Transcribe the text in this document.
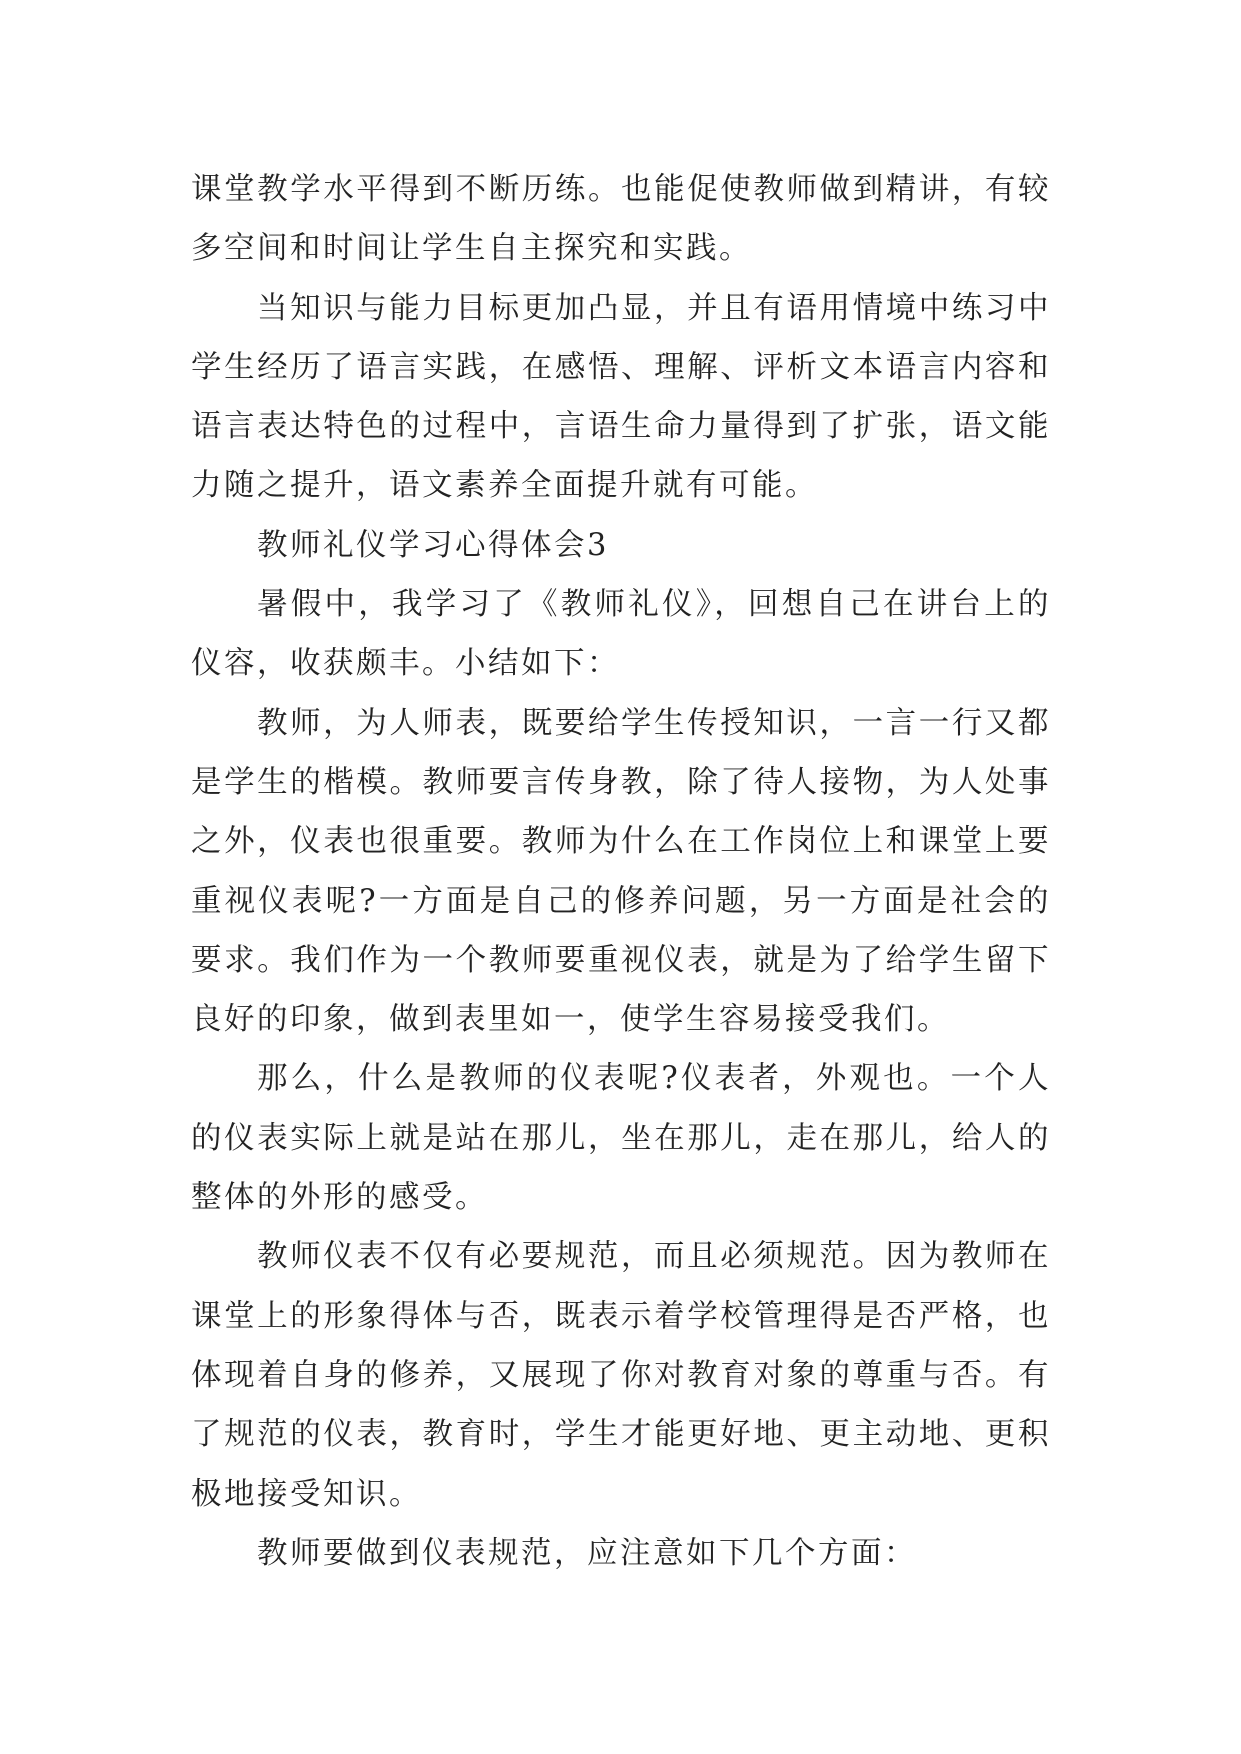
课堂教学水平得到不断历练。也能促使教师做到精讲，有较多空间和时间让学生自主探究和实践。

当知识与能力目标更加凸显，并且有语用情境中练习中学生经历了语言实践，在感悟、理解、评析文本语言内容和语言表达特色的过程中，言语生命力量得到了扩张，语文能力随之提升，语文素养全面提升就有可能。

教师礼仪学习心得体会3

暑假中，我学习了《教师礼仪》，回想自己在讲台上的仪容，收获颇丰。小结如下：

教师，为人师表，既要给学生传授知识，一言一行又都是学生的楷模。教师要言传身教，除了待人接物，为人处事之外，仪表也很重要。教师为什么在工作岗位上和课堂上要重视仪表呢?一方面是自己的修养问题，另一方面是社会的要求。我们作为一个教师要重视仪表，就是为了给学生留下良好的印象，做到表里如一，使学生容易接受我们。

那么，什么是教师的仪表呢?仪表者，外观也。一个人的仪表实际上就是站在那儿，坐在那儿，走在那儿，给人的整体的外形的感受。

教师仪表不仅有必要规范，而且必须规范。因为教师在课堂上的形象得体与否，既表示着学校管理得是否严格，也体现着自身的修养，又展现了你对教育对象的尊重与否。有了规范的仪表，教育时，学生才能更好地、更主动地、更积极地接受知识。

教师要做到仪表规范，应注意如下几个方面：
